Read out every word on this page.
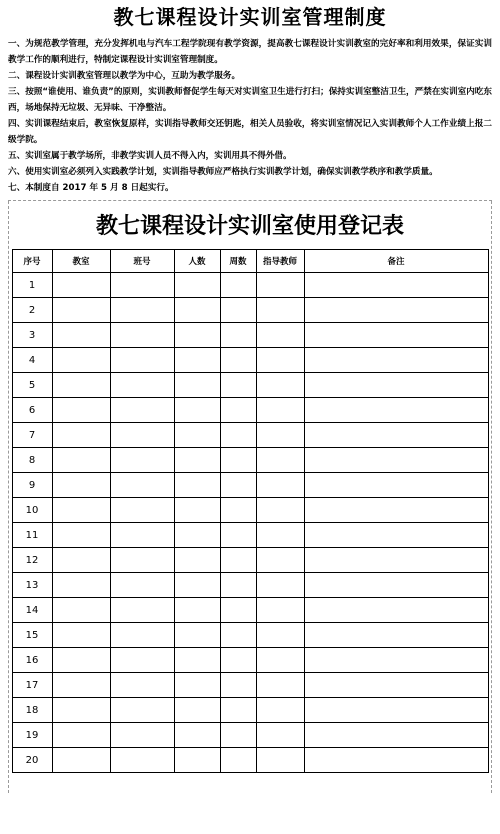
教七课程设计实训室管理制度

一、为规范教学管理，充分发挥机电与汽车工程学院现有教学资源，提高教七课程设计实训教室的完好率和利用效果，保证实训教学工作的顺利进行，特制定课程设计实训室管理制度。

二、课程设计实训教室管理以教学为中心，互助为教学服务。

三、按照“谁使用、谁负责”的原则，实训教师督促学生每天对实训室卫生进行打扫；保持实训室整洁卫生，严禁在实训室内吃东西，场地保持无垃圾、无异味、干净整洁。

四、实训课程结束后，教室恢复原样，实训指导教师交还钥匙，相关人员验收，将实训室情况记入实训教师个人工作业绩上报二级学院。

五、实训室属于教学场所，非教学实训人员不得入内，实训用具不得外借。

六、使用实训室必须列入实践教学计划，实训指导教师应严格执行实训教学计划，确保实训教学秩序和教学质量。

七、本制度自 2017 年 5 月 8 日起实行。

教七课程设计实训室使用登记表
序号	教室	班号	人数	周数	指导教师	备注
1						
2						
3						
4						
5						
6						
7						
8						
9						
10						
11						
12						
13						
14						
15						
16						
17						
18						
19						
20						
